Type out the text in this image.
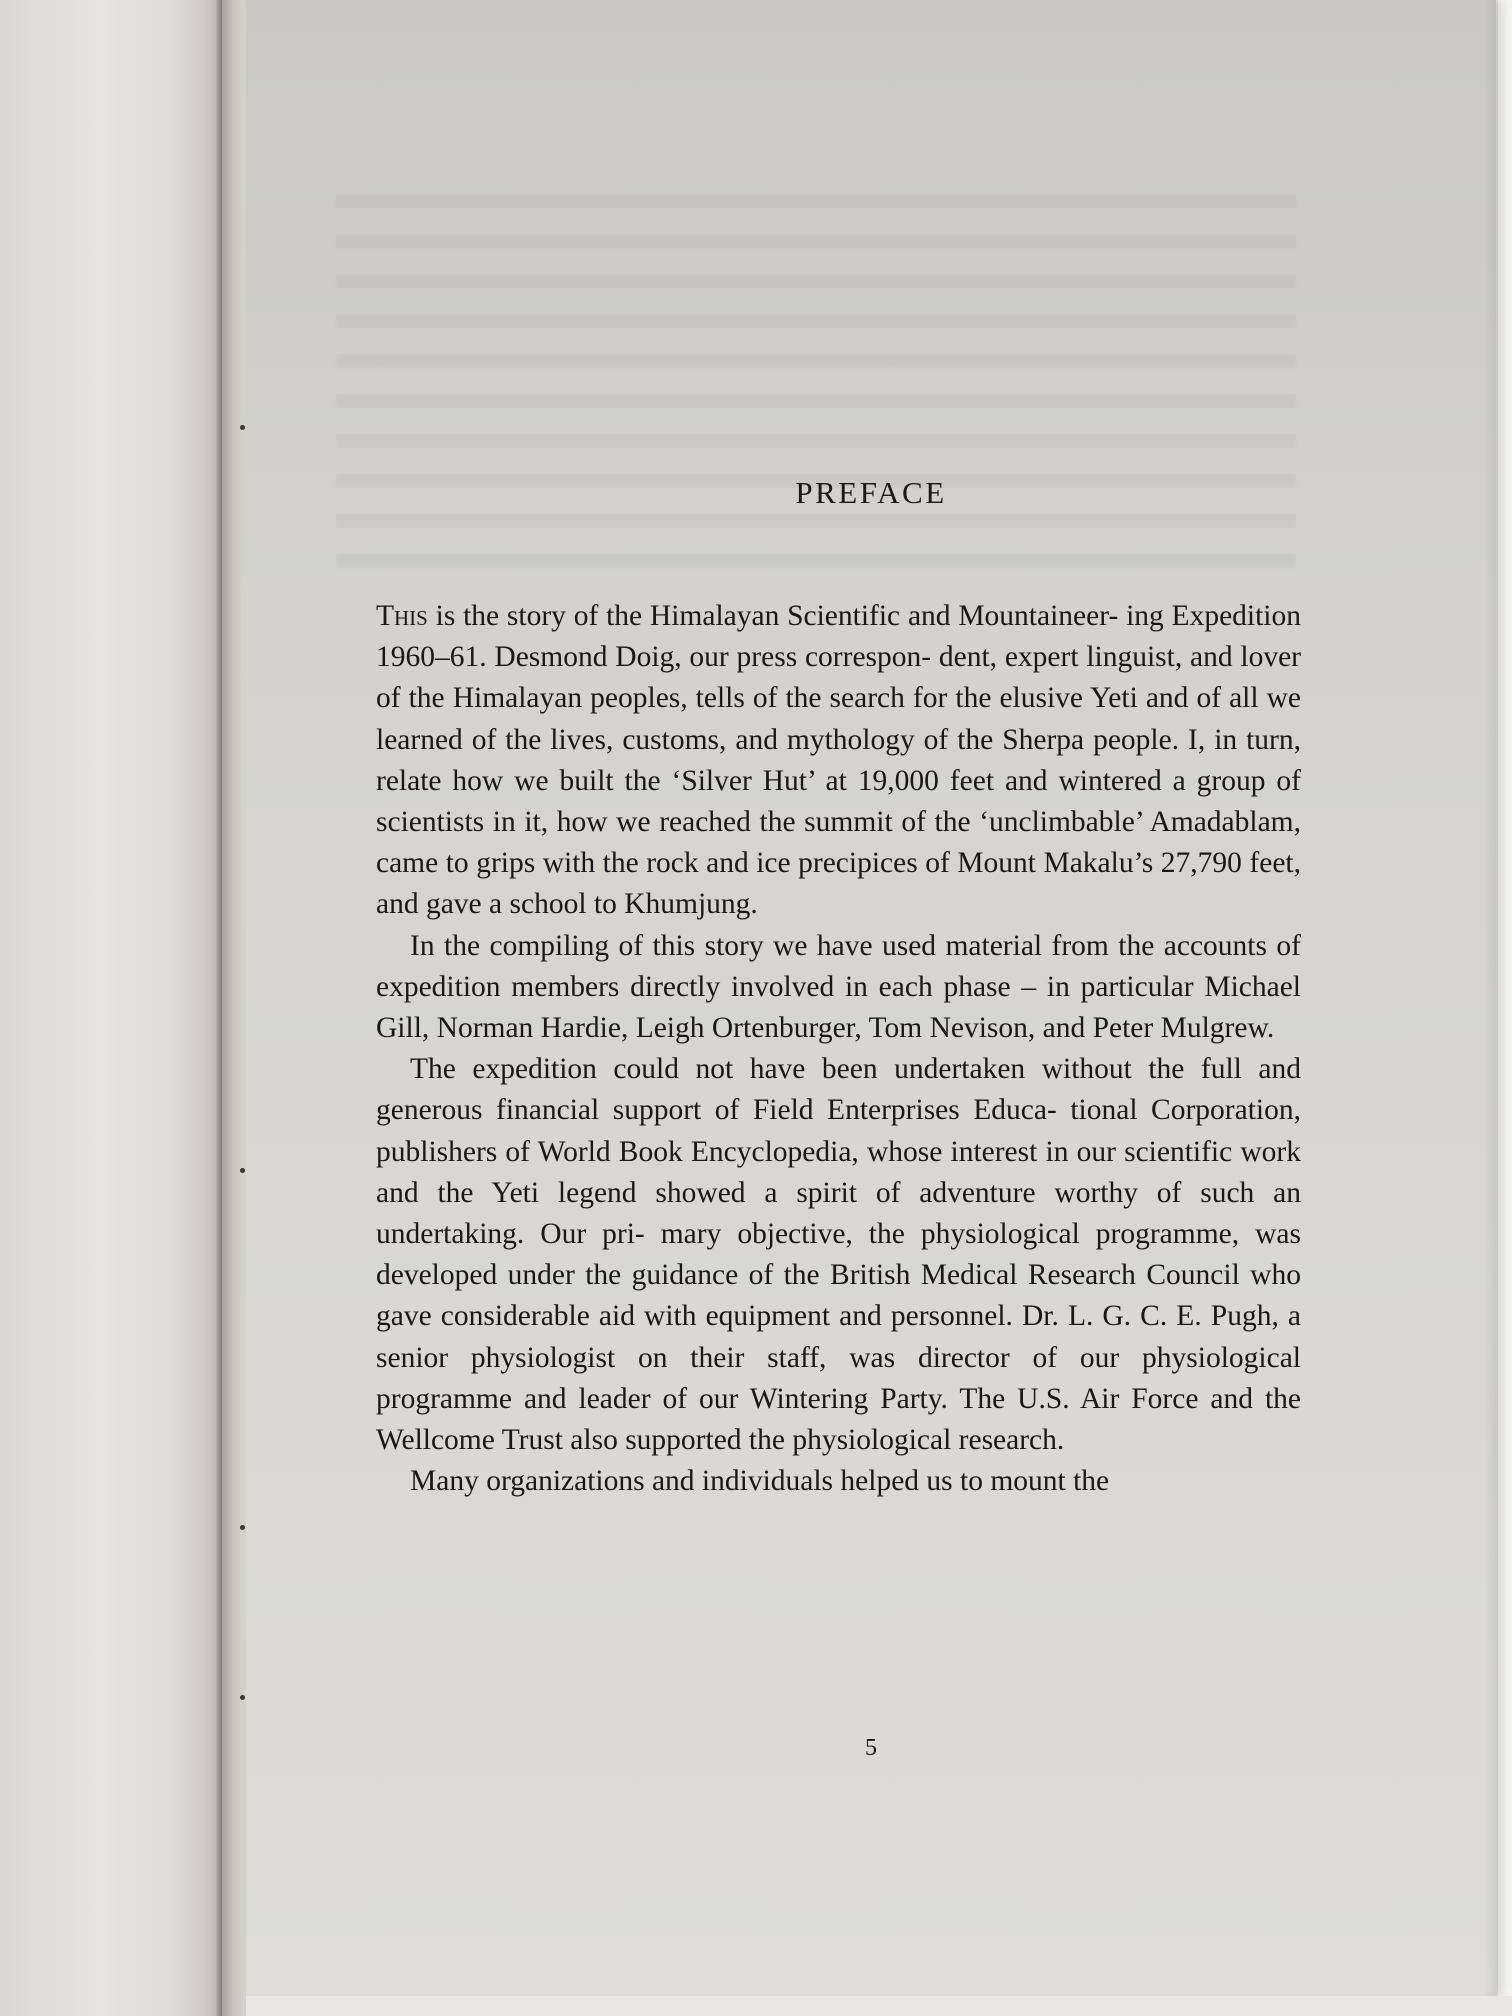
PREFACE

This is the story of the Himalayan Scientific and Mountaineer- ing Expedition 1960–61. Desmond Doig, our press correspon- dent, expert linguist, and lover of the Himalayan peoples, tells of the search for the elusive Yeti and of all we learned of the lives, customs, and mythology of the Sherpa people. I, in turn, relate how we built the ‘Silver Hut’ at 19,000 feet and wintered a group of scientists in it, how we reached the summit of the ‘unclimbable’ Amadablam, came to grips with the rock and ice precipices of Mount Makalu’s 27,790 feet, and gave a school to Khumjung.

In the compiling of this story we have used material from the accounts of expedition members directly involved in each phase – in particular Michael Gill, Norman Hardie, Leigh Ortenburger, Tom Nevison, and Peter Mulgrew.

The expedition could not have been undertaken without the full and generous financial support of Field Enterprises Educa- tional Corporation, publishers of World Book Encyclopedia, whose interest in our scientific work and the Yeti legend showed a spirit of adventure worthy of such an undertaking. Our pri- mary objective, the physiological programme, was developed under the guidance of the British Medical Research Council who gave considerable aid with equipment and personnel. Dr. L. G. C. E. Pugh, a senior physiologist on their staff, was director of our physiological programme and leader of our Wintering Party. The U.S. Air Force and the Wellcome Trust also supported the physiological research.

Many organizations and individuals helped us to mount the

5
